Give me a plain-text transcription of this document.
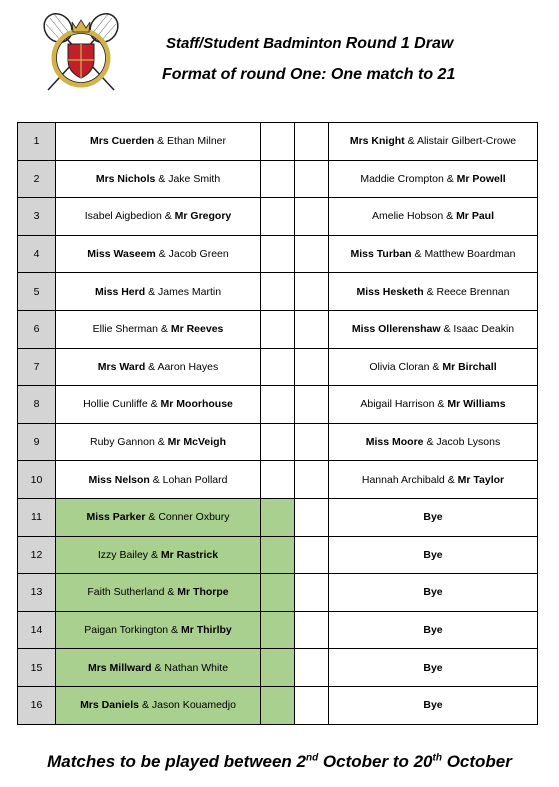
Staff/Student Badminton Round 1 Draw
Format of round One: One match to 21
1	Mrs Cuerden & Ethan Milner			Mrs Knight & Alistair Gilbert-Crowe
2	Mrs Nichols & Jake Smith			Maddie Crompton & Mr Powell
3	Isabel Aigbedion & Mr Gregory			Amelie Hobson & Mr Paul
4	Miss Waseem & Jacob Green			Miss Turban & Matthew Boardman
5	Miss Herd & James Martin			Miss Hesketh & Reece Brennan
6	Ellie Sherman & Mr Reeves			Miss Ollerenshaw & Isaac Deakin
7	Mrs Ward & Aaron Hayes			Olivia Cloran & Mr Birchall
8	Hollie Cunliffe & Mr Moorhouse			Abigail Harrison & Mr Williams
9	Ruby Gannon & Mr McVeigh			Miss Moore & Jacob Lysons
10	Miss Nelson & Lohan Pollard			Hannah Archibald & Mr Taylor
11	Miss Parker & Conner Oxbury			Bye
12	Izzy Bailey & Mr Rastrick			Bye
13	Faith Sutherland & Mr Thorpe			Bye
14	Paigan Torkington & Mr Thirlby			Bye
15	Mrs Millward & Nathan White			Bye
16	Mrs Daniels & Jason Kouamedjo			Bye
Matches to be played between 2nd October to 20th October
